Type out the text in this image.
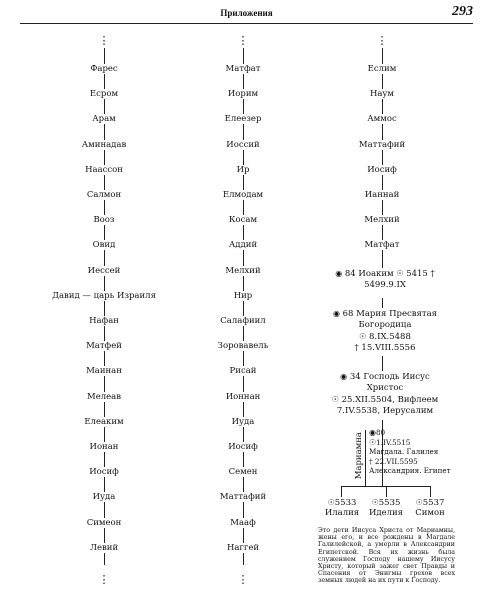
Приложения	293
⋮
⋮
Фарес
Есром
Арам
Аминадав
Наассон
Салмон
Вооз
Овид
Иессей
Давид — царь Израиля
Нафан
Матфей
Маинан
Мелеав
Елеаким
Ионан
Иосиф
Иуда
Симеон
Левий
⋮
⋮
Матфат
Иорим
Елеезер
Иоссий
Ир
Елмодам
Косам
Аддий
Мелхий
Нир
Салафиил
Зоровавель
Ρисай
Ионнан
Иуда
Иосиф
Семен
Маттафий
Мааф
Наггей
⋮
Еслим
Наум
Аммос
Маттафий
Иосиф
Ианнай
Мелхий
Матфат
◉ 84 Иоаким ☉ 5415 †
5499.9.IX
◉ 68 Мария Пресвятая
Богородица
☉ 8.IX.5488
† 15.VIII.5556
◉ 34 Господь Иисус
Христос
☉ 25.XII.5504, Вифлеем
7.IV.5538, Иерусалим
Мариамна ◉80
☉1.IV.5515
Магдала. Галилея
† 22.VII.5595
Александрия. Египет
☉5533
Илалия
☉5535
Иделия
☉5537
Симон
Это дети Иисуса Христа от Мариамны, жены его, и все рождены в Магдале Галилейской, а умерли в Александрии Египетской. Вся их жизнь была служением Господу нашему Иисусу Христу, который зажег свет Правды и Спасения от Энигмы грехов всех земных людей на их пути к Господу.
